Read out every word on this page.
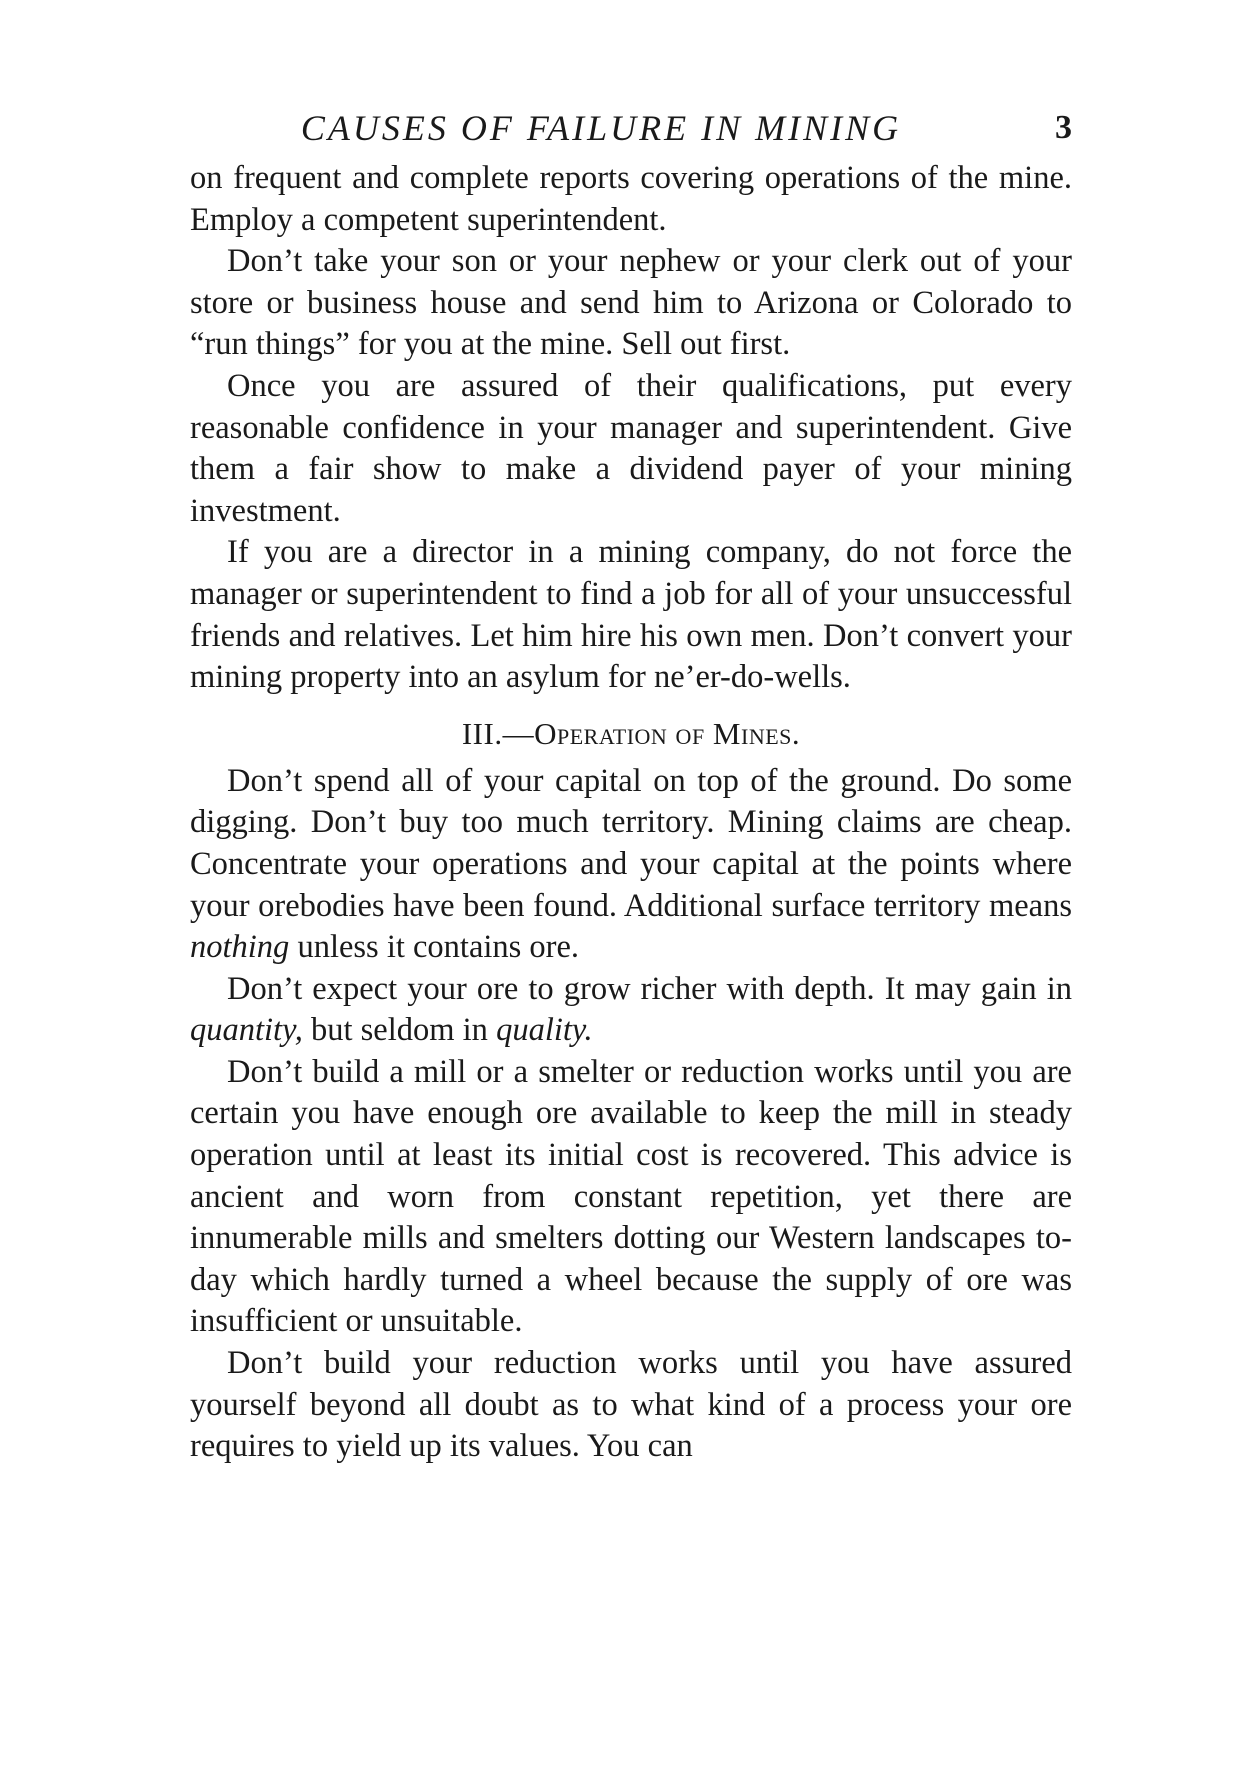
CAUSES OF FAILURE IN MINING	3

on frequent and complete reports covering operations of the mine. Employ a competent superintendent.

Don’t take your son or your nephew or your clerk out of your store or business house and send him to Arizona or Colorado to “run things” for you at the mine. Sell out first.

Once you are assured of their qualifications, put every reasonable confidence in your manager and superintendent. Give them a fair show to make a dividend payer of your mining investment.

If you are a director in a mining company, do not force the manager or superintendent to find a job for all of your unsuccessful friends and relatives. Let him hire his own men. Don’t convert your mining property into an asylum for ne’er-do-wells.

III.—Operation of Mines.

Don’t spend all of your capital on top of the ground. Do some digging. Don’t buy too much territory. Mining claims are cheap. Concentrate your operations and your capital at the points where your orebodies have been found. Additional surface territory means nothing unless it contains ore.

Don’t expect your ore to grow richer with depth. It may gain in quantity, but seldom in quality.

Don’t build a mill or a smelter or reduction works until you are certain you have enough ore available to keep the mill in steady operation until at least its initial cost is recovered. This advice is ancient and worn from constant repetition, yet there are innumerable mills and smelters dotting our Western landscapes to-day which hardly turned a wheel because the supply of ore was insufficient or unsuitable.

Don’t build your reduction works until you have assured yourself beyond all doubt as to what kind of a process your ore requires to yield up its values. You can
